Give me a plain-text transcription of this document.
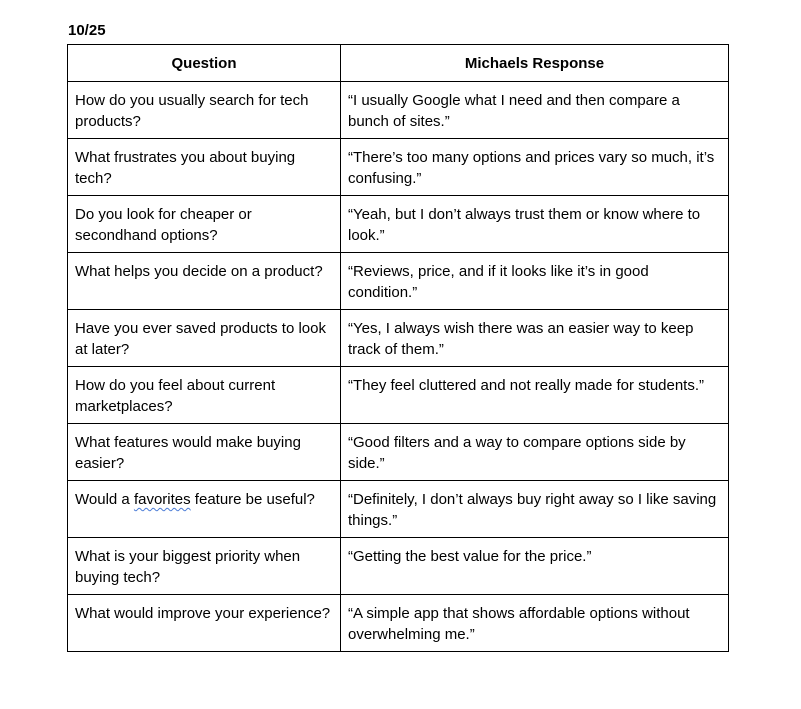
10/25
Question	Michaels Response
How do you usually search for tech products?	“I usually Google what I need and then compare a bunch of sites.”
What frustrates you about buying tech?	“There’s too many options and prices vary so much, it’s confusing.”
Do you look for cheaper or secondhand options?	“Yeah, but I don’t always trust them or know where to look.”
What helps you decide on a product?	“Reviews, price, and if it looks like it’s in good condition.”
Have you ever saved products to look at later?	“Yes, I always wish there was an easier way to keep track of them.”
How do you feel about current marketplaces?	“They feel cluttered and not really made for students.”
What features would make buying easier?	“Good filters and a way to compare options side by side.”
Would a favorites feature be useful?	“Definitely, I don’t always buy right away so I like saving things.”
What is your biggest priority when buying tech?	“Getting the best value for the price.”
What would improve your experience?	“A simple app that shows affordable options without overwhelming me.”
